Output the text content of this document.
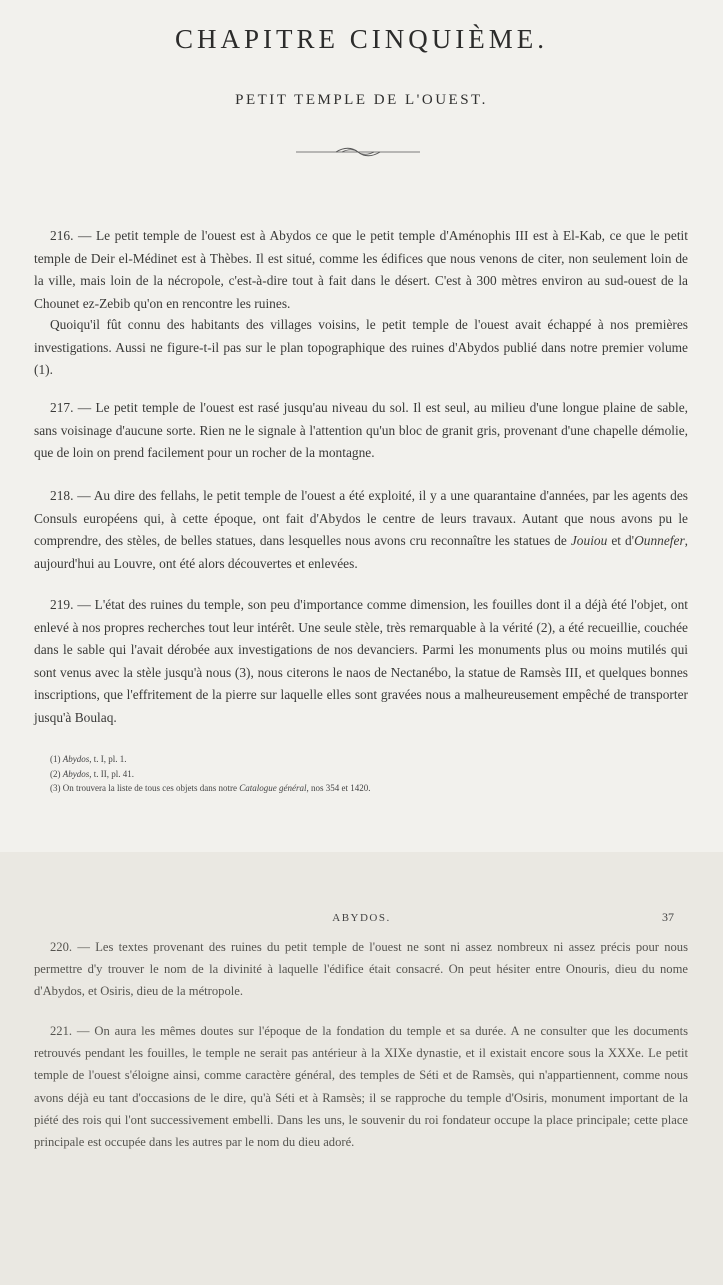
CHAPITRE CINQUIÈME.
PETIT TEMPLE DE L'OUEST.

216. — Le petit temple de l'ouest est à Abydos ce que le petit temple d'Aménophis III est à El-Kab, ce que le petit temple de Deir el-Médinet est à Thèbes. Il est situé, comme les édifices que nous venons de citer, non seulement loin de la ville, mais loin de la nécropole, c'est-à-dire tout à fait dans le désert. C'est à 300 mètres environ au sud-ouest de la Chounet ez-Zebib qu'on en rencontre les ruines.

Quoiqu'il fût connu des habitants des villages voisins, le petit temple de l'ouest avait échappé à nos premières investigations. Aussi ne figure-t-il pas sur le plan topographique des ruines d'Abydos publié dans notre premier volume (1).

217. — Le petit temple de l'ouest est rasé jusqu'au niveau du sol. Il est seul, au milieu d'une longue plaine de sable, sans voisinage d'aucune sorte. Rien ne le signale à l'attention qu'un bloc de granit gris, provenant d'une chapelle démolie, que de loin on prend facilement pour un rocher de la montagne.

218. — Au dire des fellahs, le petit temple de l'ouest a été exploité, il y a une quarantaine d'années, par les agents des Consuls européens qui, à cette époque, ont fait d'Abydos le centre de leurs travaux. Autant que nous avons pu le comprendre, des stèles, de belles statues, dans lesquelles nous avons cru reconnaître les statues de Jouiou et d'Ounnefer, aujourd'hui au Louvre, ont été alors découvertes et enlevées.

219. — L'état des ruines du temple, son peu d'importance comme dimension, les fouilles dont il a déjà été l'objet, ont enlevé à nos propres recherches tout leur intérêt. Une seule stèle, très remarquable à la vérité (2), a été recueillie, couchée dans le sable qui l'avait dérobée aux investigations de nos devanciers. Parmi les monuments plus ou moins mutilés qui sont venus avec la stèle jusqu'à nous (3), nous citerons le naos de Nectanébo, la statue de Ramsès III, et quelques bonnes inscriptions, que l'effritement de la pierre sur laquelle elles sont gravées nous a malheureusement empêché de transporter jusqu'à Boulaq.

(1) Abydos, t. I, pl. 1.

(2) Abydos, t. II, pl. 41.

(3) On trouvera la liste de tous ces objets dans notre Catalogue général, nos 354 et 1420.

ABYDOS.	37

220. — Les textes provenant des ruines du petit temple de l'ouest ne sont ni assez nombreux ni assez précis pour nous permettre d'y trouver le nom de la divinité à laquelle l'édifice était consacré. On peut hésiter entre Onouris, dieu du nome d'Abydos, et Osiris, dieu de la métropole.

221. — On aura les mêmes doutes sur l'époque de la fondation du temple et sa durée. A ne consulter que les documents retrouvés pendant les fouilles, le temple ne serait pas antérieur à la XIXe dynastie, et il existait encore sous la XXXe. Le petit temple de l'ouest s'éloigne ainsi, comme caractère général, des temples de Séti et de Ramsès, qui n'appartiennent, comme nous avons déjà eu tant d'occasions de le dire, qu'à Séti et à Ramsès; il se rapproche du temple d'Osiris, monument important de la piété des rois qui l'ont successivement embelli. Dans les uns, le souvenir du roi fondateur occupe la place principale; cette place principale est occupée dans les autres par le nom du dieu adoré.
